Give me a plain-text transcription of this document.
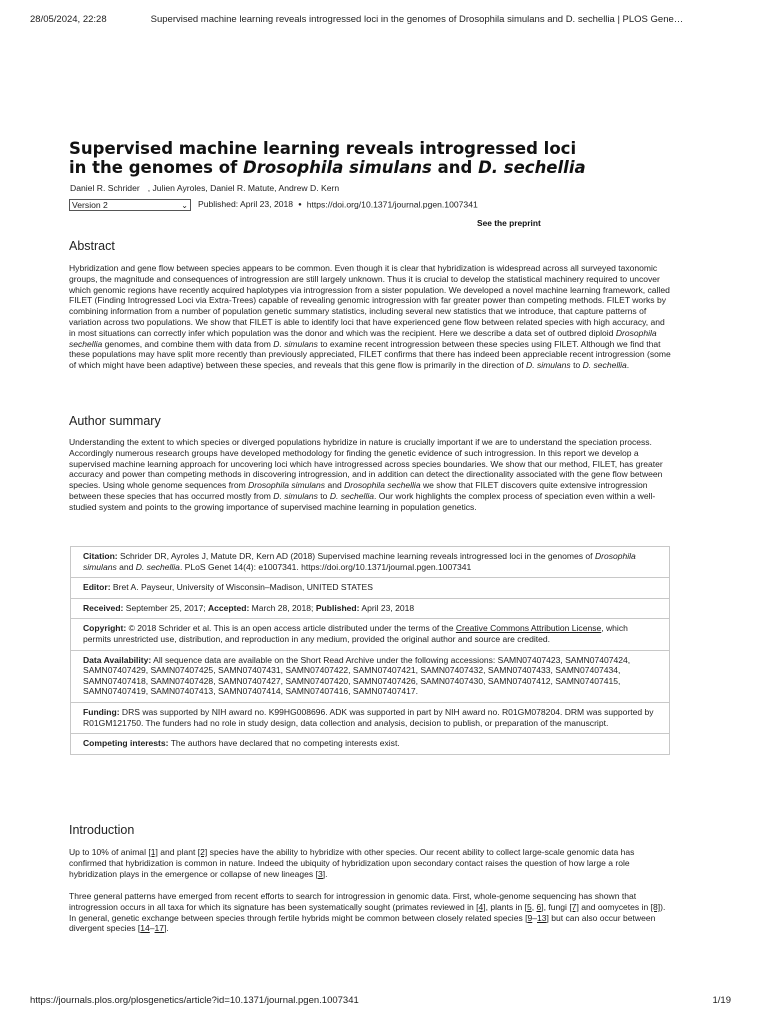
28/05/2024, 22:28	Supervised machine learning reveals introgressed loci in the genomes of Drosophila simulans and D. sechellia | PLOS Gene…
Supervised machine learning reveals introgressed loci in the genomes of Drosophila simulans and D. sechellia
Daniel R. Schrider , Julien Ayroles, Daniel R. Matute, Andrew D. Kern
Version 2	⌄ Published: April 23, 2018 ● https://doi.org/10.1371/journal.pgen.1007341
See the preprint
Abstract

Hybridization and gene flow between species appears to be common. Even though it is clear that hybridization is widespread across all surveyed taxonomic groups, the magnitude and consequences of introgression are still largely unknown. Thus it is crucial to develop the statistical machinery required to uncover which genomic regions have recently acquired haplotypes via introgression from a sister population. We developed a novel machine learning framework, called FILET (Finding Introgressed Loci via Extra-Trees) capable of revealing genomic introgression with far greater power than competing methods. FILET works by combining information from a number of population genetic summary statistics, including several new statistics that we introduce, that capture patterns of variation across two populations. We show that FILET is able to identify loci that have experienced gene flow between related species with high accuracy, and in most situations can correctly infer which population was the donor and which was the recipient. Here we describe a data set of outbred diploid Drosophila sechellia genomes, and combine them with data from D. simulans to examine recent introgression between these species using FILET. Although we find that these populations may have split more recently than previously appreciated, FILET confirms that there has indeed been appreciable recent introgression (some of which might have been adaptive) between these species, and reveals that this gene flow is primarily in the direction of D. simulans to D. sechellia.

Author summary

Understanding the extent to which species or diverged populations hybridize in nature is crucially important if we are to understand the speciation process. Accordingly numerous research groups have developed methodology for finding the genetic evidence of such introgression. In this report we develop a supervised machine learning approach for uncovering loci which have introgressed across species boundaries. We show that our method, FILET, has greater accuracy and power than competing methods in discovering introgression, and in addition can detect the directionality associated with the gene flow between species. Using whole genome sequences from Drosophila simulans and Drosophila sechellia we show that FILET discovers quite extensive introgression between these species that has occurred mostly from D. simulans to D. sechellia. Our work highlights the complex process of speciation even within a well-studied system and points to the growing importance of supervised machine learning in population genetics.

Citation: Schrider DR, Ayroles J, Matute DR, Kern AD (2018) Supervised machine learning reveals introgressed loci in the genomes of Drosophila simulans and D. sechellia. PLoS Genet 14(4): e1007341. https://doi.org/10.1371/journal.pgen.1007341
Editor: Bret A. Payseur, University of Wisconsin–Madison, UNITED STATES
Received: September 25, 2017; Accepted: March 28, 2018; Published: April 23, 2018
Copyright: © 2018 Schrider et al. This is an open access article distributed under the terms of the Creative Commons Attribution License, which permits unrestricted use, distribution, and reproduction in any medium, provided the original author and source are credited.
Data Availability: All sequence data are available on the Short Read Archive under the following accessions: SAMN07407423, SAMN07407424, SAMN07407429, SAMN07407425, SAMN07407431, SAMN07407422, SAMN07407421, SAMN07407432, SAMN07407433, SAMN07407434, SAMN07407418, SAMN07407428, SAMN07407427, SAMN07407420, SAMN07407426, SAMN07407430, SAMN07407412, SAMN07407415, SAMN07407419, SAMN07407413, SAMN07407414, SAMN07407416, SAMN07407417.
Funding: DRS was supported by NIH award no. K99HG008696. ADK was supported in part by NIH award no. R01GM078204. DRM was supported by R01GM121750. The funders had no role in study design, data collection and analysis, decision to publish, or preparation of the manuscript.
Competing interests: The authors have declared that no competing interests exist.
Introduction

Up to 10% of animal [1] and plant [2] species have the ability to hybridize with other species. Our recent ability to collect large-scale genomic data has confirmed that hybridization is common in nature. Indeed the ubiquity of hybridization upon secondary contact raises the question of how large a role hybridization plays in the emergence or collapse of new lineages [3].

Three general patterns have emerged from recent efforts to search for introgression in genomic data. First, whole-genome sequencing has shown that introgression occurs in all taxa for which its signature has been systematically sought (primates reviewed in [4], plants in [5, 6], fungi [7] and oomycetes in [8]). In general, genetic exchange between species through fertile hybrids might be common between closely related species [9–13] but can also occur between divergent species [14–17].

https://journals.plos.org/plosgenetics/article?id=10.1371/journal.pgen.1007341	1/19
